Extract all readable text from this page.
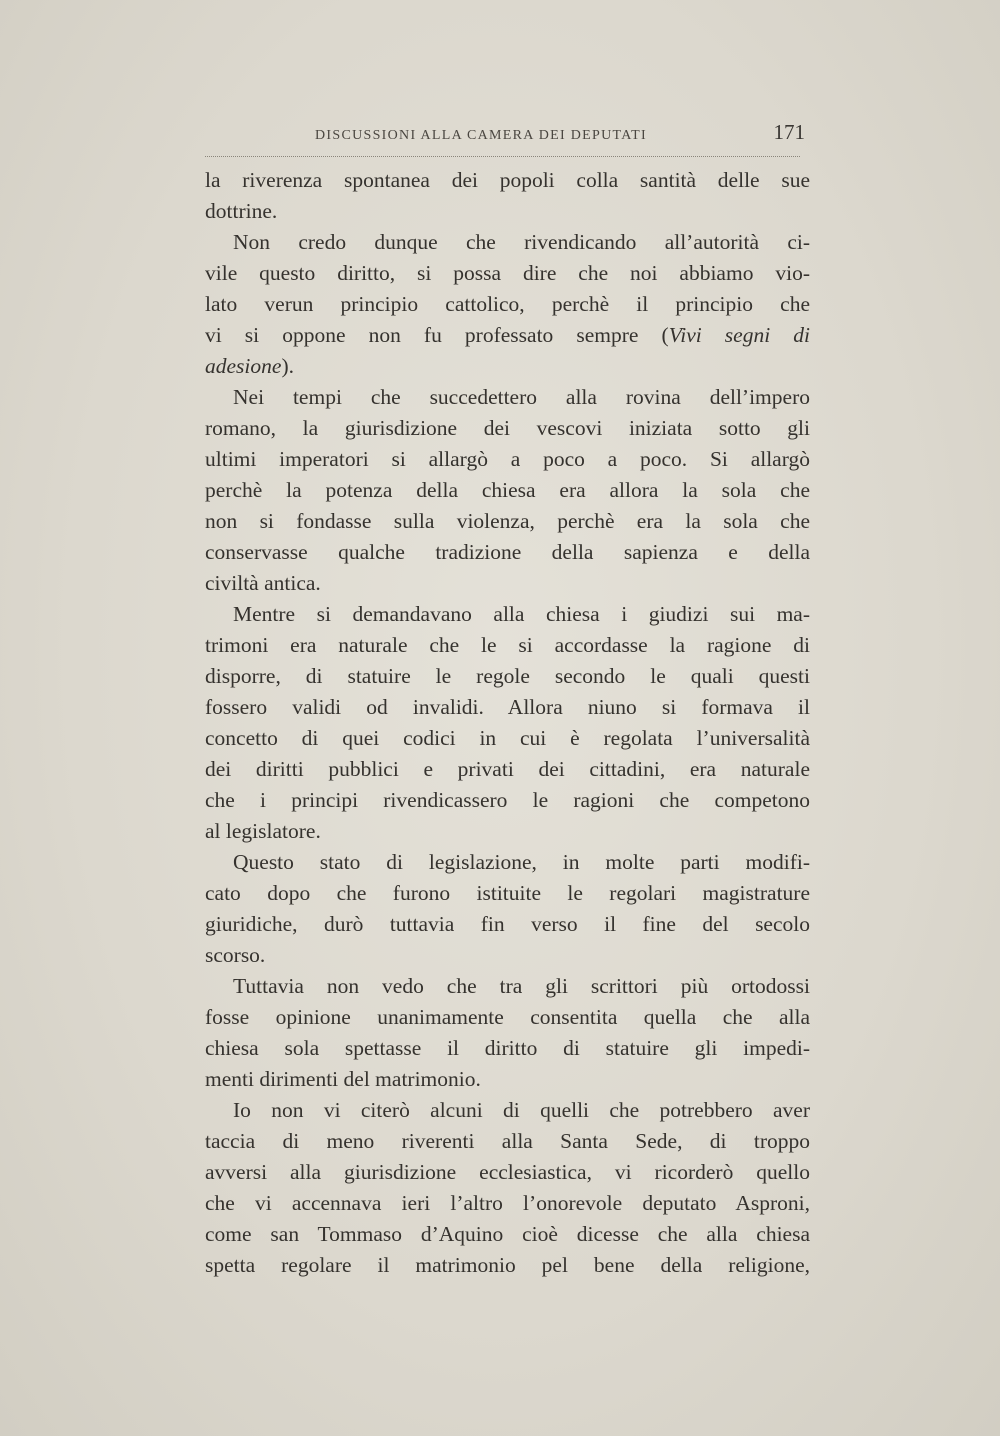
DISCUSSIONI ALLA CAMERA DEI DEPUTATI	171
la riverenza spontanea dei popoli colla santità delle sue
dottrine.
Non credo dunque che rivendicando all’autorità ci-
vile questo diritto, si possa dire che noi abbiamo vio-
lato verun principio cattolico, perchè il principio che
vi si oppone non fu professato sempre (Vivi segni di
adesione).
Nei tempi che succedettero alla rovina dell’impero
romano, la giurisdizione dei vescovi iniziata sotto gli
ultimi imperatori si allargò a poco a poco. Si allargò
perchè la potenza della chiesa era allora la sola che
non si fondasse sulla violenza, perchè era la sola che
conservasse qualche tradizione della sapienza e della
civiltà antica.
Mentre si demandavano alla chiesa i giudizi sui ma-
trimoni era naturale che le si accordasse la ragione di
disporre, di statuire le regole secondo le quali questi
fossero validi od invalidi. Allora niuno si formava il
concetto di quei codici in cui è regolata l’universalità
dei diritti pubblici e privati dei cittadini, era naturale
che i principi rivendicassero le ragioni che competono
al legislatore.
Questo stato di legislazione, in molte parti modifi-
cato dopo che furono istituite le regolari magistrature
giuridiche, durò tuttavia fin verso il fine del secolo
scorso.
Tuttavia non vedo che tra gli scrittori più ortodossi
fosse opinione unanimamente consentita quella che alla
chiesa sola spettasse il diritto di statuire gli impedi-
menti dirimenti del matrimonio.
Io non vi citerò alcuni di quelli che potrebbero aver
taccia di meno riverenti alla Santa Sede, di troppo
avversi alla giurisdizione ecclesiastica, vi ricorderò quello
che vi accennava ieri l’altro l’onorevole deputato Asproni,
come san Tommaso d’Aquino cioè dicesse che alla chiesa
spetta regolare il matrimonio pel bene della religione,
